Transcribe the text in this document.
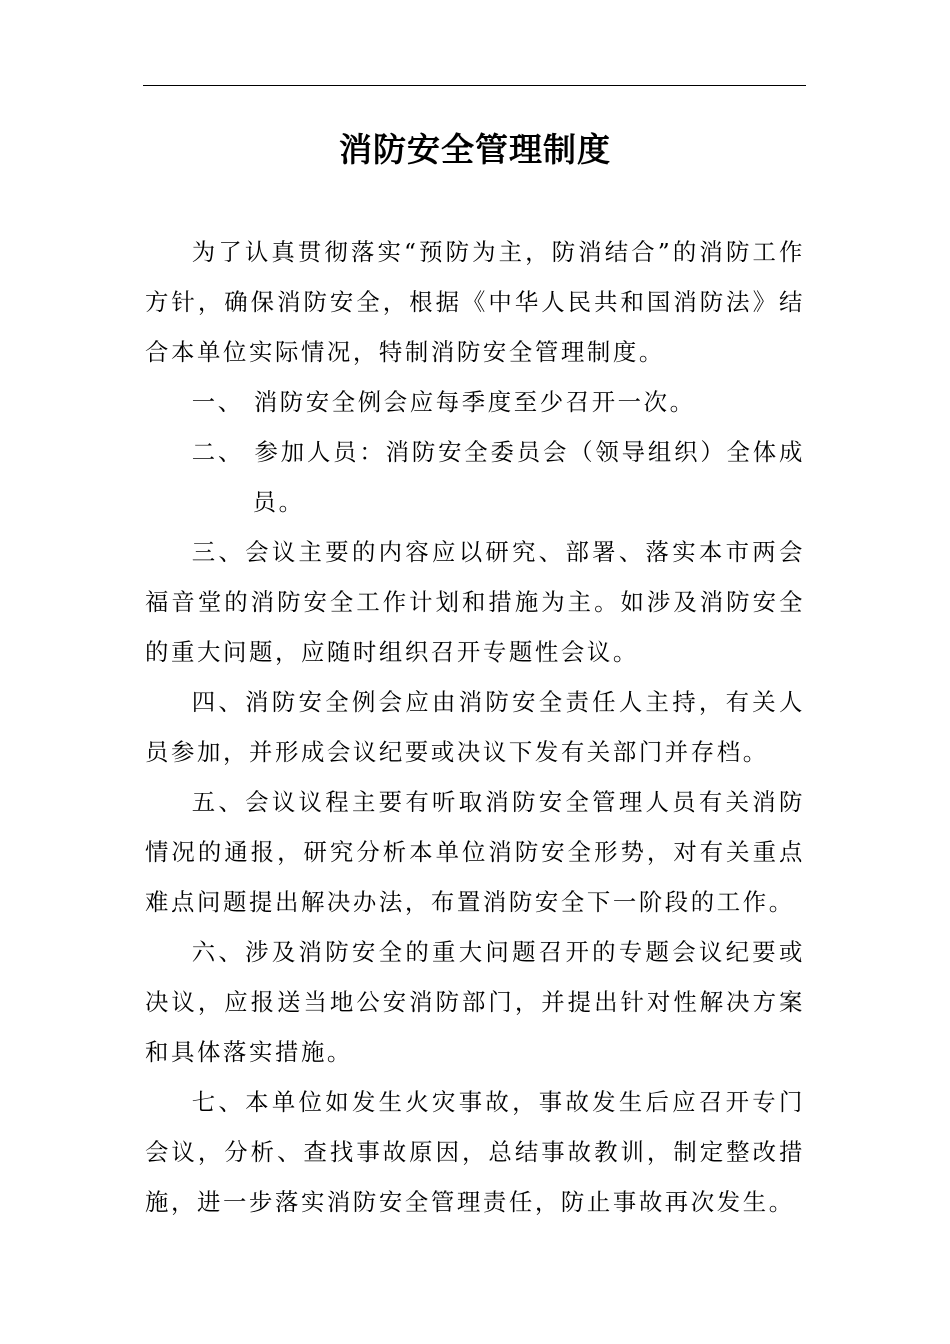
消防安全管理制度

为了认真贯彻落实“预防为主，防消结合”的消防工作方针，确保消防安全，根据《中华人民共和国消防法》结合本单位实际情况，特制消防安全管理制度。

一、 消防安全例会应每季度至少召开一次。

二、 参加人员：消防安全委员会（领导组织）全体成员。

三、会议主要的内容应以研究、部署、落实本市两会福音堂的消防安全工作计划和措施为主。如涉及消防安全的重大问题，应随时组织召开专题性会议。

四、消防安全例会应由消防安全责任人主持，有关人员参加，并形成会议纪要或决议下发有关部门并存档。

五、会议议程主要有听取消防安全管理人员有关消防情况的通报，研究分析本单位消防安全形势，对有关重点难点问题提出解决办法，布置消防安全下一阶段的工作。

六、涉及消防安全的重大问题召开的专题会议纪要或决议，应报送当地公安消防部门，并提出针对性解决方案和具体落实措施。

七、本单位如发生火灾事故，事故发生后应召开专门会议，分析、查找事故原因，总结事故教训，制定整改措施，进一步落实消防安全管理责任，防止事故再次发生。
